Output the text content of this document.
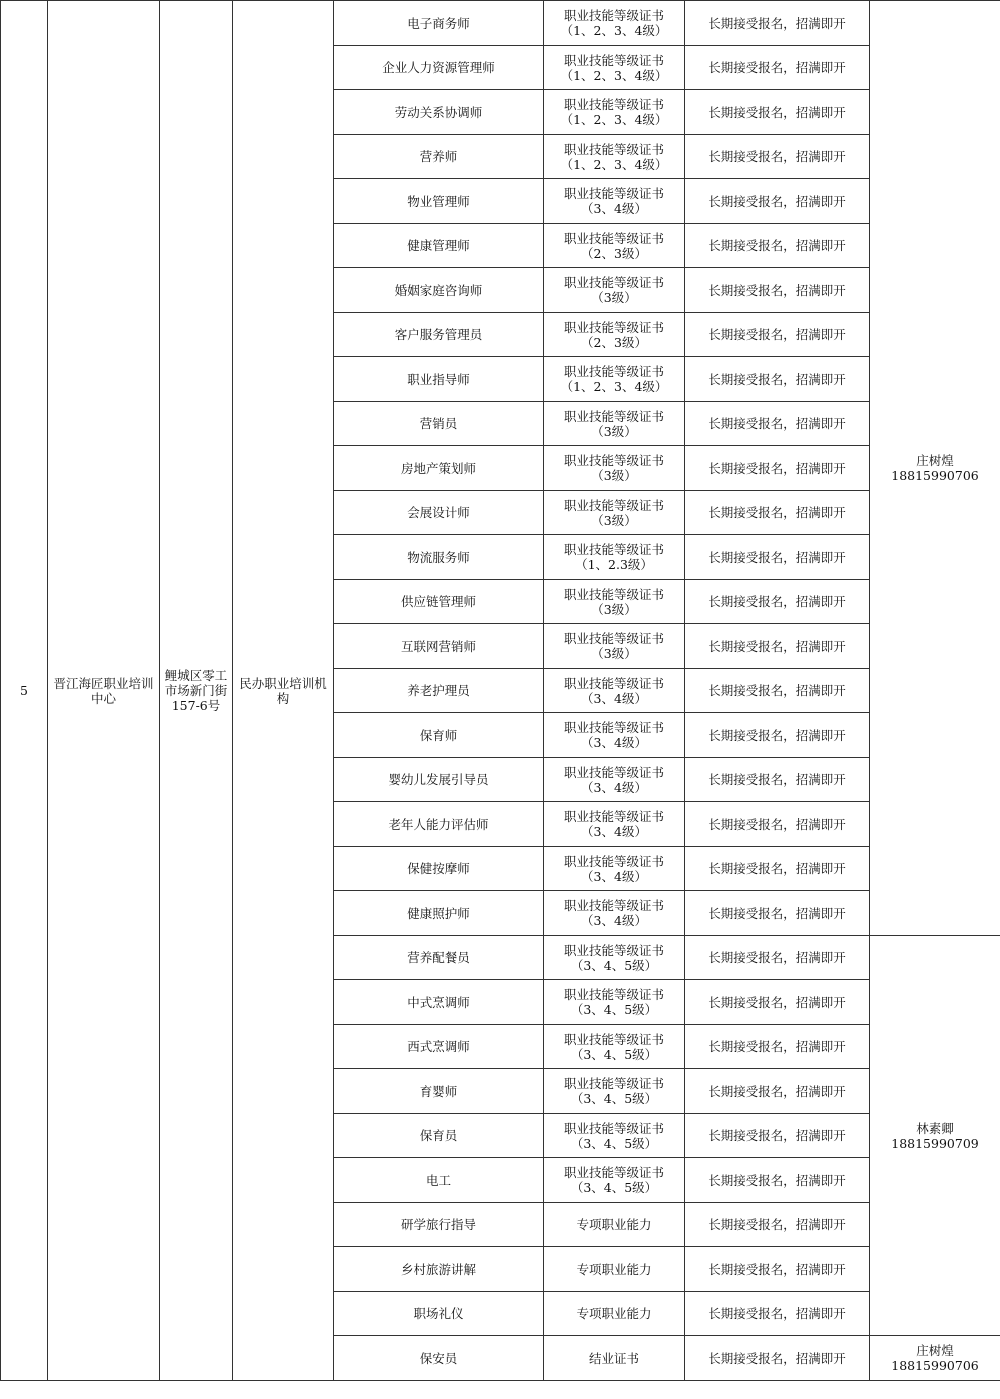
5	晋江海匠职业培训中心	鲤城区零工市场新门街157-6号	民办职业培训机构	电子商务师	职业技能等级证书
（1、2、3、4级）	长期接受报名，招满即开	庄树煌18815990706
				企业人力资源管理师	职业技能等级证书
（1、2、3、4级）	长期接受报名，招满即开	
				劳动关系协调师	职业技能等级证书
（1、2、3、4级）	长期接受报名，招满即开	
				营养师	职业技能等级证书
（1、2、3、4级）	长期接受报名，招满即开	
				物业管理师	职业技能等级证书
（3、4级）	长期接受报名，招满即开	
				健康管理师	职业技能等级证书
（2、3级）	长期接受报名，招满即开	
				婚姻家庭咨询师	职业技能等级证书
（3级）	长期接受报名，招满即开	
				客户服务管理员	职业技能等级证书
（2、3级）	长期接受报名，招满即开	
				职业指导师	职业技能等级证书
（1、2、3、4级）	长期接受报名，招满即开	
				营销员	职业技能等级证书
（3级）	长期接受报名，招满即开	
				房地产策划师	职业技能等级证书
（3级）	长期接受报名，招满即开	
				会展设计师	职业技能等级证书
（3级）	长期接受报名，招满即开	
				物流服务师	职业技能等级证书
（1、2.3级）	长期接受报名，招满即开	
				供应链管理师	职业技能等级证书
（3级）	长期接受报名，招满即开	
				互联网营销师	职业技能等级证书
（3级）	长期接受报名，招满即开	
				养老护理员	职业技能等级证书
（3、4级）	长期接受报名，招满即开	
				保育师	职业技能等级证书
（3、4级）	长期接受报名，招满即开	
				婴幼儿发展引导员	职业技能等级证书
（3、4级）	长期接受报名，招满即开	
				老年人能力评估师	职业技能等级证书
（3、4级）	长期接受报名，招满即开	
				保健按摩师	职业技能等级证书
（3、4级）	长期接受报名，招满即开	
				健康照护师	职业技能等级证书
（3、4级）	长期接受报名，招满即开	
				营养配餐员	职业技能等级证书
（3、4、5级）	长期接受报名，招满即开	林素卿18815990709
				中式烹调师	职业技能等级证书
（3、4、5级）	长期接受报名，招满即开	
				西式烹调师	职业技能等级证书
（3、4、5级）	长期接受报名，招满即开	
				育婴师	职业技能等级证书
（3、4、5级）	长期接受报名，招满即开	
				保育员	职业技能等级证书
（3、4、5级）	长期接受报名，招满即开	
				电工	职业技能等级证书
（3、4、5级）	长期接受报名，招满即开	
				研学旅行指导	专项职业能力	长期接受报名，招满即开	
				乡村旅游讲解	专项职业能力	长期接受报名，招满即开	
				职场礼仪	专项职业能力	长期接受报名，招满即开	
				保安员	结业证书	长期接受报名，招满即开	庄树煌18815990706
